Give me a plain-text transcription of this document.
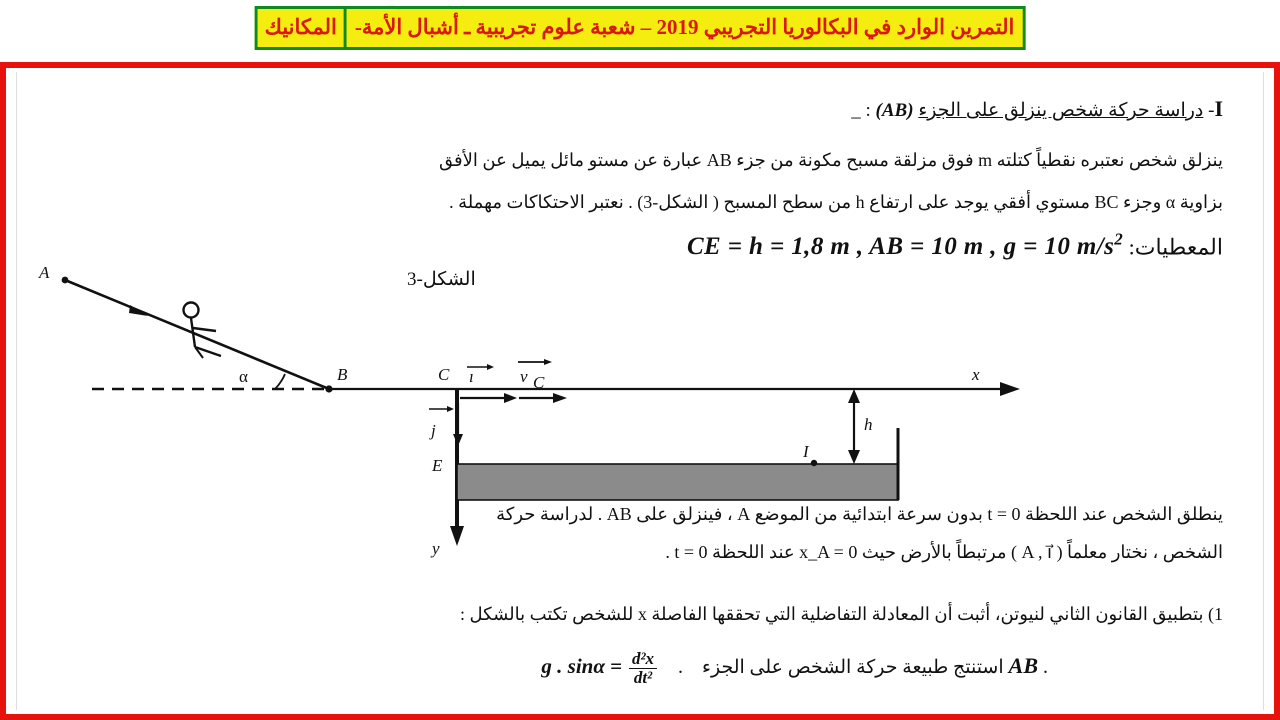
التمرين الوارد في البكالوريا التجريبي 2019 – شعبة علوم تجريبية ـ أشبال الأمة-
المكانيك
I- دراسة حركة شخص ينزلق على الجزء (AB) : _
ينزلق شخص نعتبره نقطياً كتلته m فوق مزلقة مسبح مكونة من جزء AB عبارة عن مستو مائل يميل عن الأفق
بزاوية α وجزء BC مستوي أفقي يوجد على ارتفاع h من سطح المسبح ( الشكل-3) . نعتبر الاحتكاكات مهملة .
المعطيات: CE = h = 1,8 m , AB = 10 m , g = 10 $m/s^2$
A
α	B	x
C ı
j
v C
E
I
h
y
الشكل-3
ينطلق الشخص عند اللحظة t = 0 بدون سرعة ابتدائية من الموضع A ، فينزلق على AB . لدراسة حركة
الشخص ، نختار معلماً ( A , i⃗ ) مرتبطاً بالأرض حيث x_A = 0 عند اللحظة t = 0 .
1) بتطبيق القانون الثاني لنيوتن، أثبت أن المعادلة التفاضلية التي تحققها الفاصلة x للشخص تكتب بالشكل :
. AB استنتج طبيعة حركة الشخص على الجزء .
$\frac{\text{d²x}}{\text{dt²}}$
= g . sinα
